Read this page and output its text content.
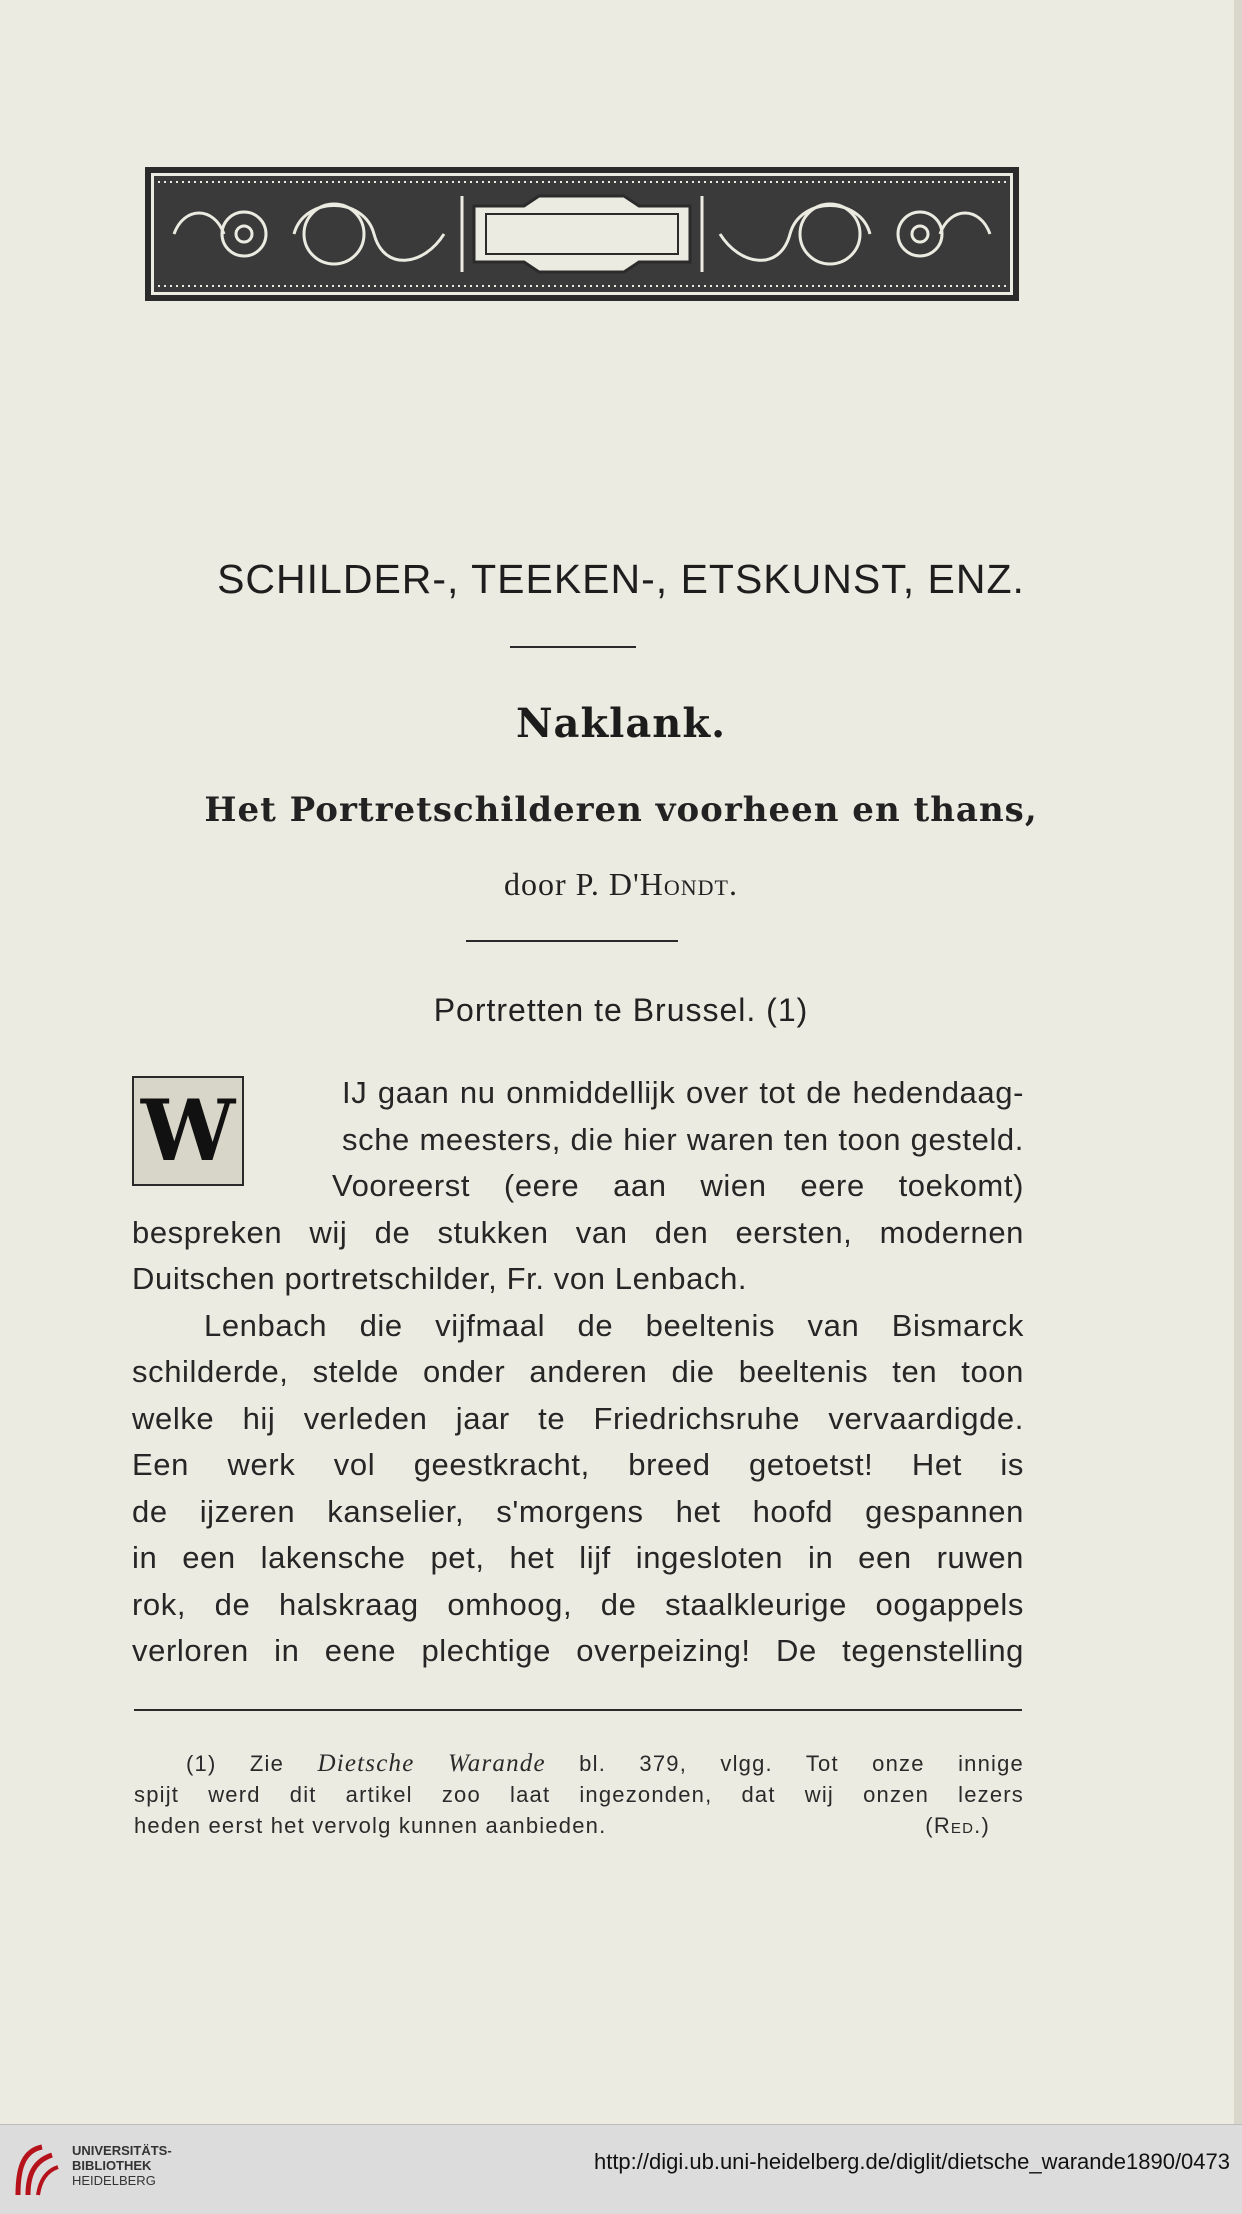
SCHILDER-, TEEKEN-, ETSKUNST, ENZ.
Naklank.
Het Portretschilderen voorheen en thans,
door P. D'Hondt.
Portretten te Brussel. (1)
W	IJ gaan nu onmiddellijk over tot de hedendaag-
sche meesters, die hier waren ten toon gesteld.
Vooreerst (eere aan wien eere toekomt)
bespreken wij de stukken van den eersten, modernen
Duitschen portretschilder, Fr. von Lenbach.
Lenbach die vijfmaal de beeltenis van Bismarck
schilderde, stelde onder anderen die beeltenis ten toon
welke hij verleden jaar te Friedrichsruhe vervaardigde.
Een werk vol geestkracht, breed getoetst! Het is
de ijzeren kanselier, s'morgens het hoofd gespannen
in een lakensche pet, het lijf ingesloten in een ruwen
rok, de halskraag omhoog, de staalkleurige oogappels
verloren in eene plechtige overpeizing! De tegenstelling
(1) Zie Dietsche Warande bl. 379, vlgg. Tot onze innige
spijt werd dit artikel zoo laat ingezonden, dat wij onzen lezers
heden eerst het vervolg kunnen aanbieden.	(Red.)
UNIVERSITÄTS-
BIBLIOTHEK
HEIDELBERG
http://digi.ub.uni-heidelberg.de/diglit/dietsche_warande1890/0473
